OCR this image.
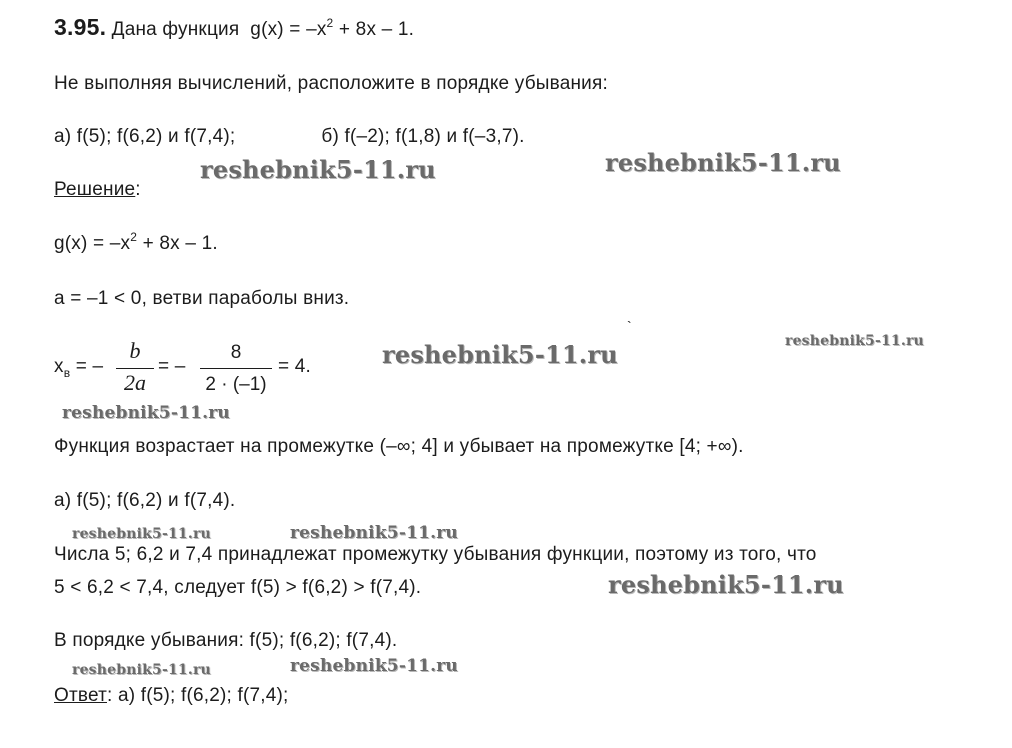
3.95. Дана функция $g(x) = -x^2 + 8x - 1$.
Не выполняя вычислений, расположите в порядке убывания:
а) f(5); f(6,2) и f(7,4);	б) f(–2); f(1,8) и f(–3,7).
Решение:
$g(x) = -x^2 + 8x - 1$.
а = –1 < 0, ветви параболы вниз.
$x_в$ = –
b
2a
= –
8
2 · (–1)
= 4.
Функция возрастает на промежутке (–∞; 4] и убывает на промежутке [4; +∞).
а) f(5); f(6,2) и f(7,4).
Числа 5; 6,2 и 7,4 принадлежат промежутку убывания функции, поэтому из того, что
5 < 6,2 < 7,4, следует f(5) > f(6,2) > f(7,4).
В порядке убывания: f(5); f(6,2); f(7,4).
Ответ: а) f(5); f(6,2); f(7,4);
`
reshebnik5-11.ru	reshebnik5-11.ru
reshebnik5-11.ru	reshebnik5-11.ru
reshebnik5-11.ru
reshebnik5-11.ru	reshebnik5-11.ru
reshebnik5-11.ru
reshebnik5-11.ru	reshebnik5-11.ru
